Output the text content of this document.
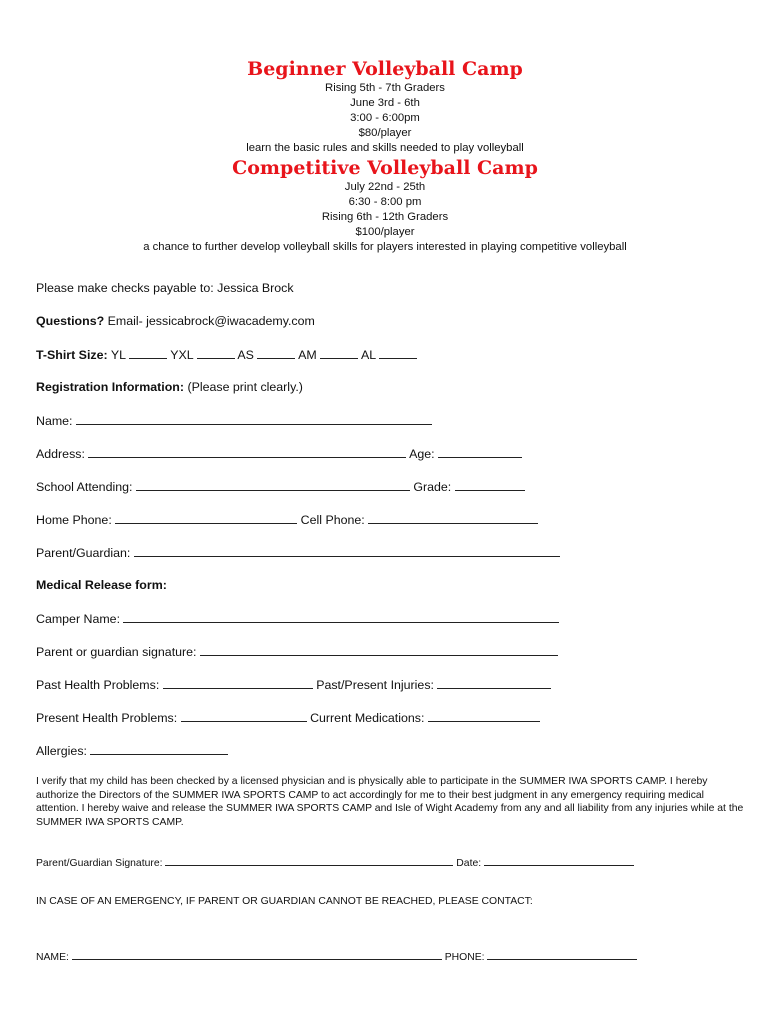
Beginner Volleyball Camp

Rising 5th - 7th Graders

June 3rd - 6th

3:00 - 6:00pm

$80/player

learn the basic rules and skills needed to play volleyball

Competitive Volleyball Camp

July 22nd - 25th

6:30 - 8:00 pm

Rising 6th - 12th Graders

$100/player

a chance to further develop volleyball skills for players interested in playing competitive volleyball

Please make checks payable to: Jessica Brock
Questions? Email- jessicabrock@iwacademy.com
T-Shirt Size: YL	YXL	AS	AM	AL
Registration Information: (Please print clearly.)
Name:
Address:	Age:
School Attending:	Grade:
Home Phone:	Cell Phone:
Parent/Guardian:
Medical Release form:
Camper Name:
Parent or guardian signature:
Past Health Problems:	Past/Present Injuries:
Present Health Problems:	Current Medications:
Allergies:
I verify that my child has been checked by a licensed physician and is physically able to participate in the SUMMER IWA SPORTS CAMP. I hereby authorize the Directors of the SUMMER IWA SPORTS CAMP to act accordingly for me to their best judgment in any emergency requiring medical attention. I hereby waive and release the SUMMER IWA SPORTS CAMP and Isle of Wight Academy from any and all liability from any injuries while at the SUMMER IWA SPORTS CAMP.
Parent/Guardian Signature:	Date:
IN CASE OF AN EMERGENCY, IF PARENT OR GUARDIAN CANNOT BE REACHED, PLEASE CONTACT:
NAME:	PHONE:
